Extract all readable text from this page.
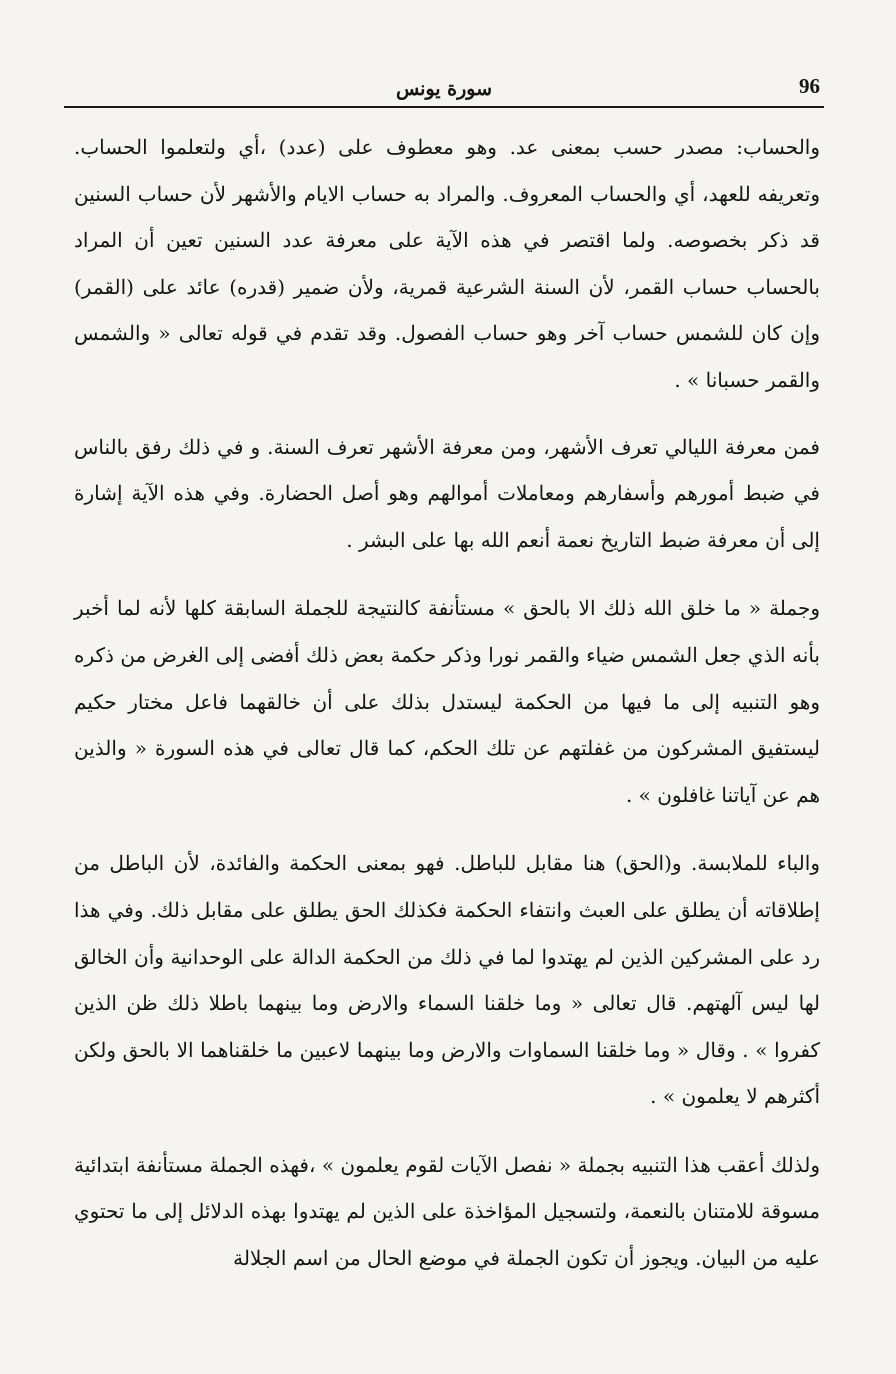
سورة يونس	96

والحساب: مصدر حسب بمعنى عد. وهو معطوف على (عدد) ،أي ولتعلموا الحساب. وتعريفه للعهد، أي والحساب المعروف. والمراد به حساب الايام والأشهر لأن حساب السنين قد ذكر بخصوصه. ولما اقتصر في هذه الآية على معرفة عدد السنين تعين أن المراد بالحساب حساب القمر، لأن السنة الشرعية قمرية، ولأن ضمير (قدره) عائد على (القمر) وإن كان للشمس حساب آخر وهو حساب الفصول. وقد تقدم في قوله تعالى « والشمس والقمر حسبانا » .

فمن معرفة الليالي تعرف الأشهر، ومن معرفة الأشهر تعرف السنة. و في ذلك رفق بالناس في ضبط أمورهم وأسفارهم ومعاملات أموالهم وهو أصل الحضارة. وفي هذه الآية إشارة إلى أن معرفة ضبط التاريخ نعمة أنعم الله بها على البشر .

وجملة « ما خلق الله ذلك الا بالحق » مستأنفة كالنتيجة للجملة السابقة كلها لأنه لما أخبر بأنه الذي جعل الشمس ضياء والقمر نورا وذكر حكمة بعض ذلك أفضى إلى الغرض من ذكره وهو التنبيه إلى ما فيها من الحكمة ليستدل بذلك على أن خالقهما فاعل مختار حكيم ليستفيق المشركون من غفلتهم عن تلك الحكم، كما قال تعالى في هذه السورة « والذين هم عن آياتنا غافلون » .

والباء للملابسة. و(الحق) هنا مقابل للباطل. فهو بمعنى الحكمة والفائدة، لأن الباطل من إطلاقاته أن يطلق على العبث وانتفاء الحكمة فكذلك الحق يطلق على مقابل ذلك. وفي هذا رد على المشركين الذين لم يهتدوا لما في ذلك من الحكمة الدالة على الوحدانية وأن الخالق لها ليس آلهتهم. قال تعالى « وما خلقنا السماء والارض وما بينهما باطلا ذلك ظن الذين كفروا » . وقال « وما خلقنا السماوات والارض وما بينهما لاعبين ما خلقناهما الا بالحق ولكن أكثرهم لا يعلمون » .

ولذلك أعقب هذا التنبيه بجملة « نفصل الآيات لقوم يعلمون » ،فهذه الجملة مستأنفة ابتدائية مسوقة للامتنان بالنعمة، ولتسجيل المؤاخذة على الذين لم يهتدوا بهذه الدلائل إلى ما تحتوي عليه من البيان. ويجوز أن تكون الجملة في موضع الحال من اسم الجلالة
